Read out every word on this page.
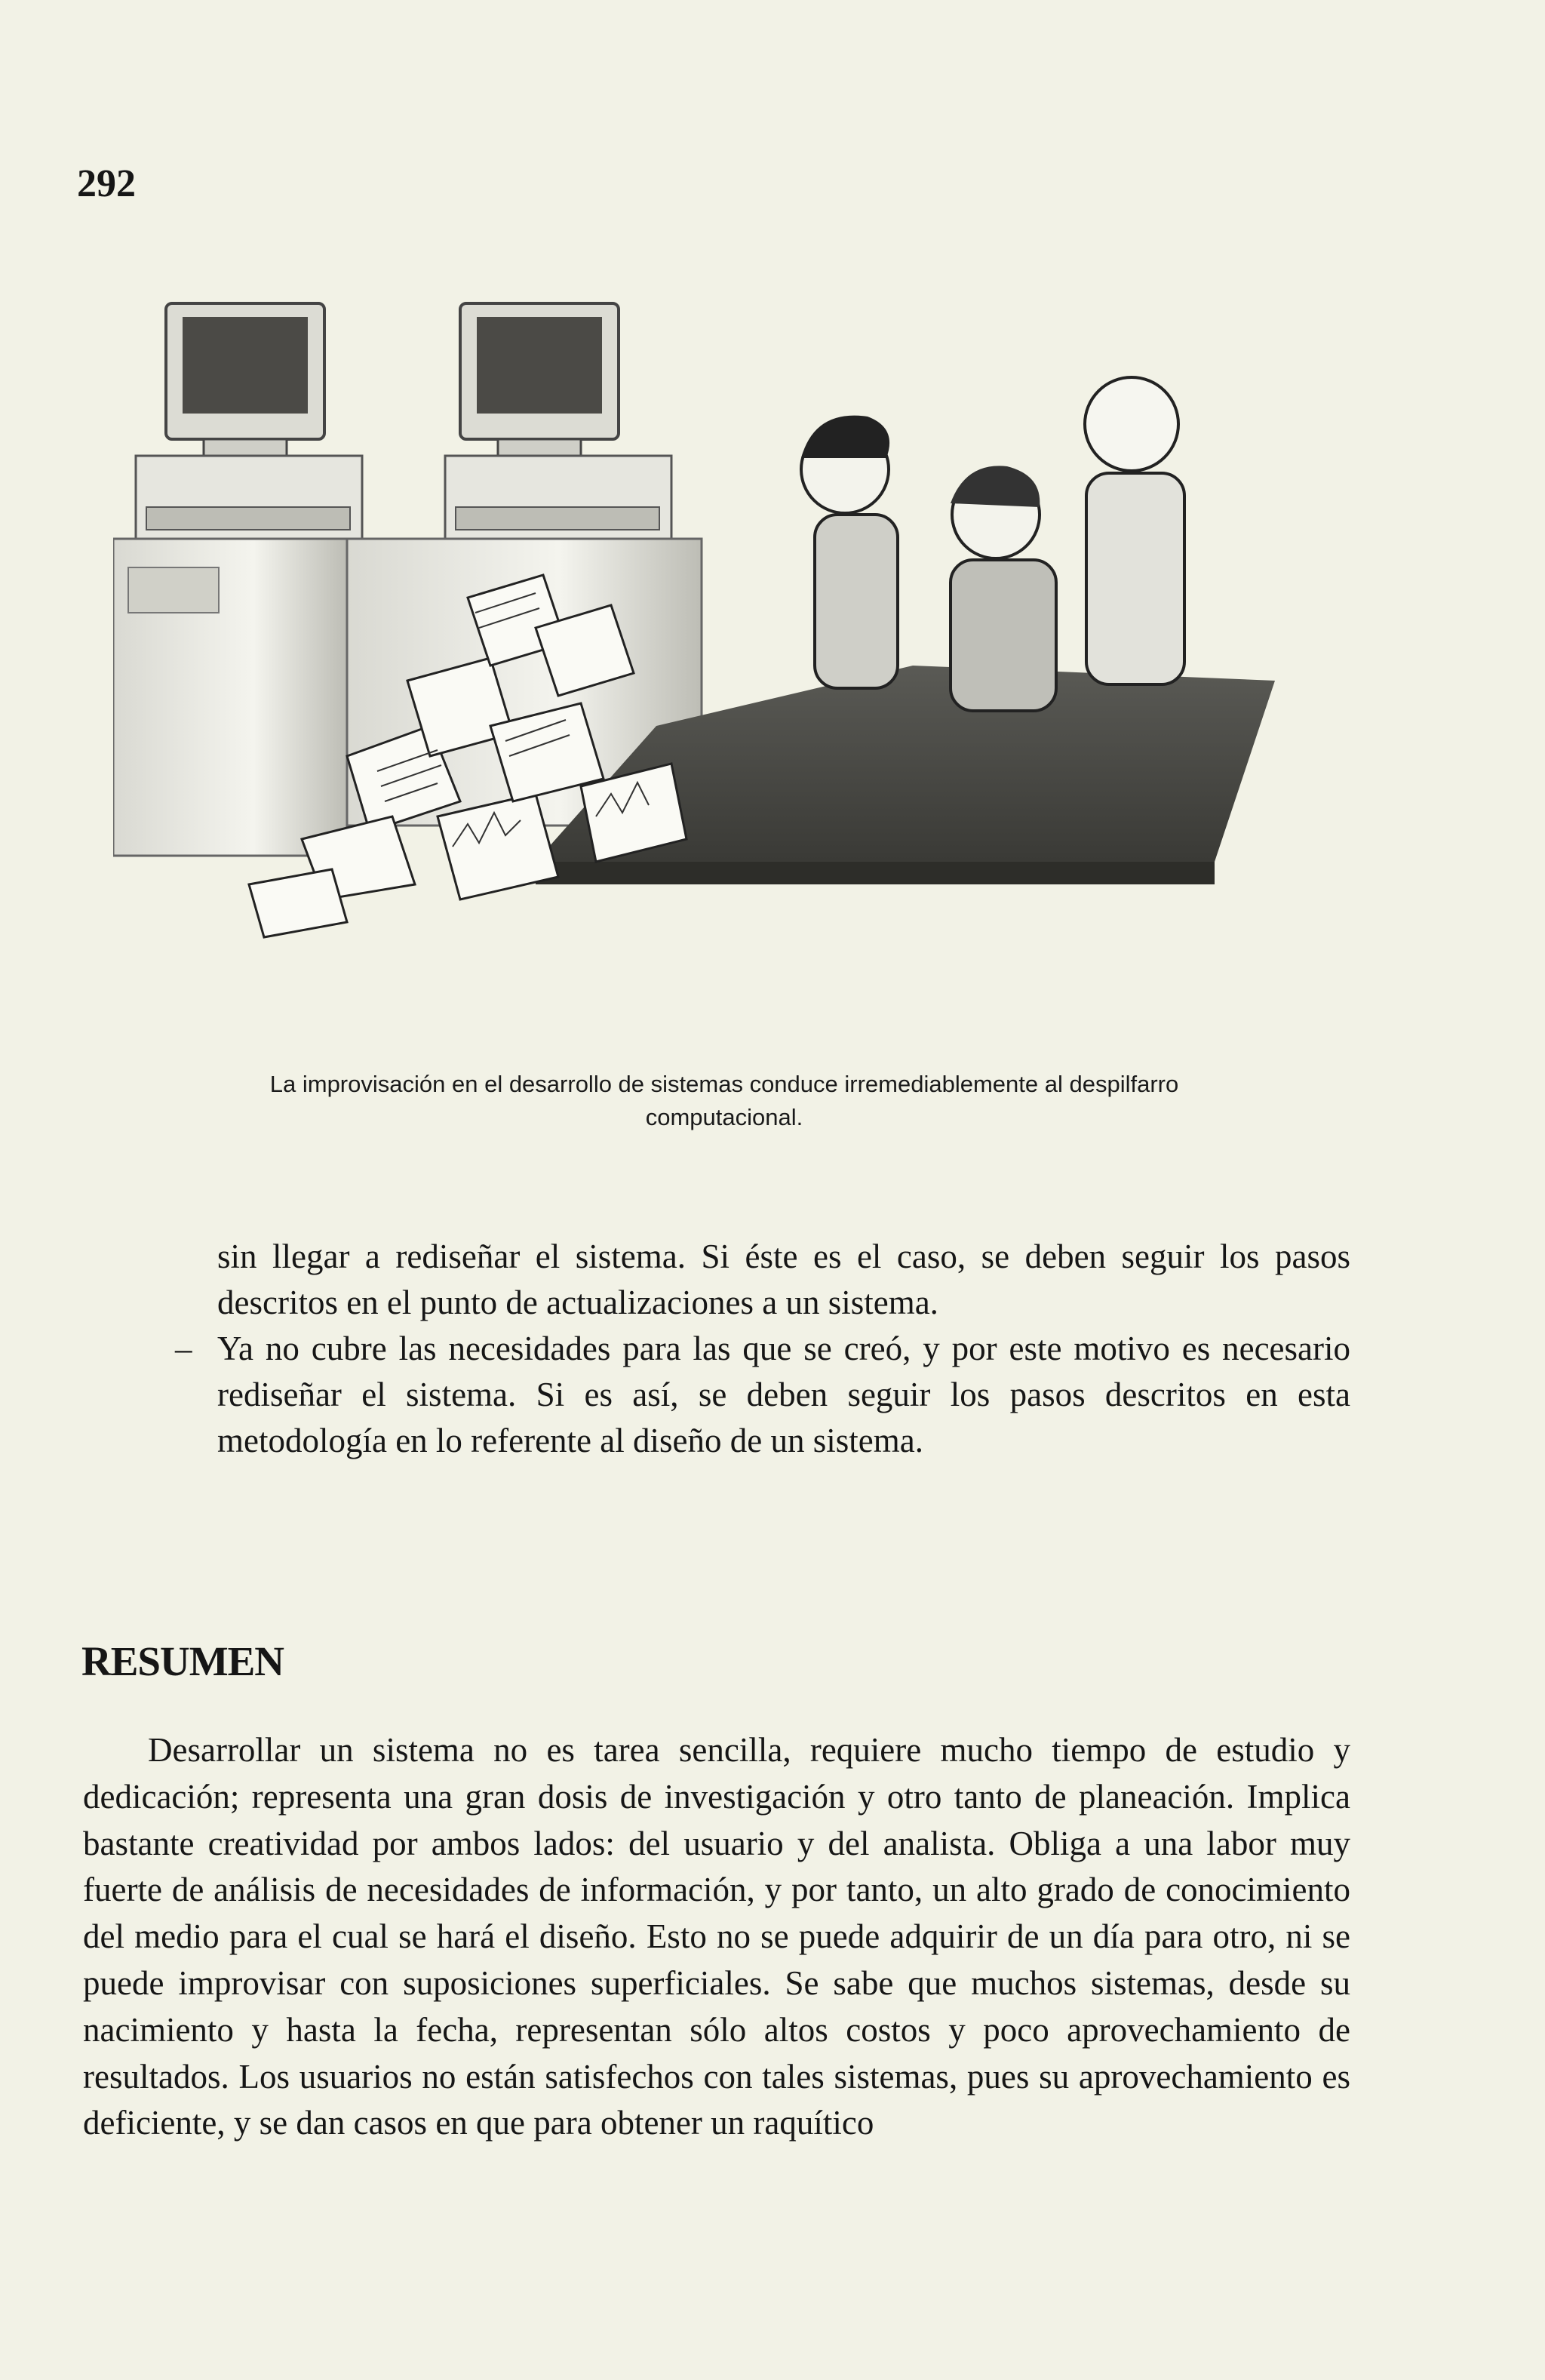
292
La improvisación en el desarrollo de sistemas conduce irremediablemente al despilfarro
computacional.
sin llegar a rediseñar el sistema. Si éste es el caso, se deben seguir los pasos descritos en el punto de actualizaciones a un sistema.
– Ya no cubre las necesidades para las que se creó, y por este motivo es necesario rediseñar el sistema. Si es así, se deben seguir los pasos descritos en esta metodología en lo referente al diseño de un sistema.
RESUMEN
Desarrollar un sistema no es tarea sencilla, requiere mucho tiempo de estudio y dedicación; representa una gran dosis de investigación y otro tanto de planeación. Implica bastante creatividad por ambos lados: del usuario y del analista. Obliga a una labor muy fuerte de análisis de necesidades de información, y por tanto, un alto grado de conocimiento del medio para el cual se hará el diseño. Esto no se puede adquirir de un día para otro, ni se puede improvisar con suposiciones superficiales. Se sabe que muchos sistemas, desde su nacimiento y hasta la fecha, representan sólo altos costos y poco aprovechamiento de resultados. Los usuarios no están satisfechos con tales sistemas, pues su aprovechamiento es deficiente, y se dan casos en que para obtener un raquítico
